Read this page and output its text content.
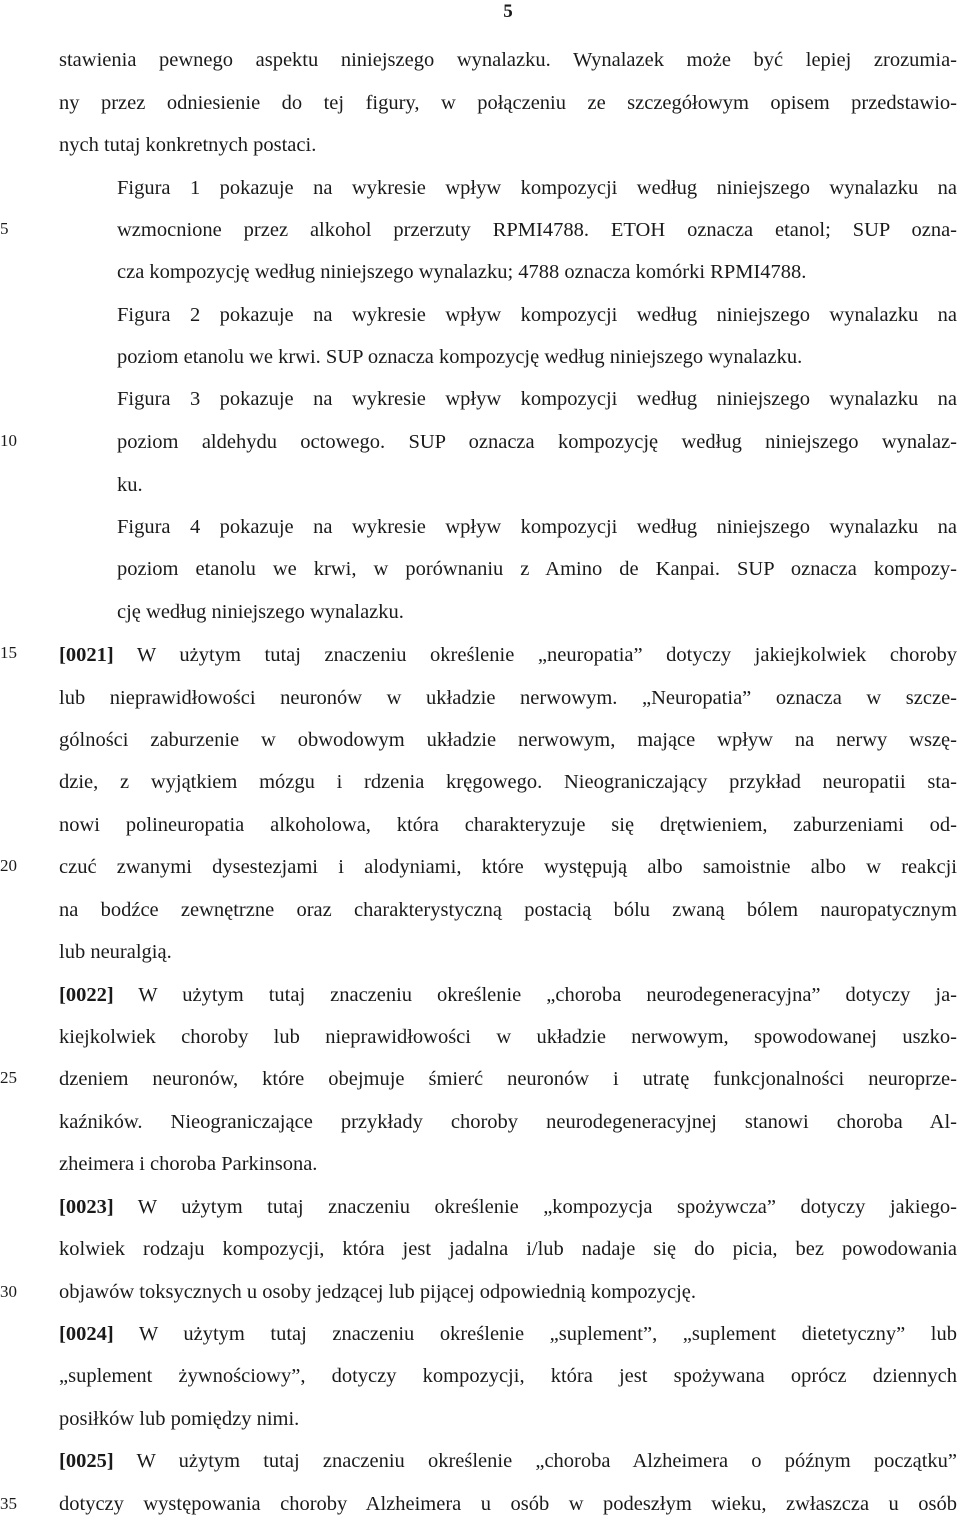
5
5
10
15
20
25
30
35
stawienia pewnego aspektu niniejszego wynalazku. Wynalazek może być lepiej zrozumia-
ny przez odniesienie do tej figury, w połączeniu ze szczegółowym opisem przedstawio-
nych tutaj konkretnych postaci.
Figura 1 pokazuje na wykresie wpływ kompozycji według niniejszego wynalazku na
wzmocnione przez alkohol przerzuty RPMI4788. ETOH oznacza etanol; SUP ozna-
cza kompozycję według niniejszego wynalazku; 4788 oznacza komórki RPMI4788.
Figura 2 pokazuje na wykresie wpływ kompozycji według niniejszego wynalazku na
poziom etanolu we krwi. SUP oznacza kompozycję według niniejszego wynalazku.
Figura 3 pokazuje na wykresie wpływ kompozycji według niniejszego wynalazku na
poziom aldehydu octowego. SUP oznacza kompozycję według niniejszego wynalaz-
ku.
Figura 4 pokazuje na wykresie wpływ kompozycji według niniejszego wynalazku na
poziom etanolu we krwi, w porównaniu z Amino de Kanpai. SUP oznacza kompozy-
cję według niniejszego wynalazku.
[0021] W użytym tutaj znaczeniu określenie „neuropatia” dotyczy jakiejkolwiek choroby
lub nieprawidłowości neuronów w układzie nerwowym. „Neuropatia” oznacza w szcze-
gólności zaburzenie w obwodowym układzie nerwowym, mające wpływ na nerwy wszę-
dzie, z wyjątkiem mózgu i rdzenia kręgowego. Nieograniczający przykład neuropatii sta-
nowi polineuropatia alkoholowa, która charakteryzuje się drętwieniem, zaburzeniami od-
czuć zwanymi dysestezjami i alodyniami, które występują albo samoistnie albo w reakcji
na bodźce zewnętrzne oraz charakterystyczną postacią bólu zwaną bólem nauropatycznym
lub neuralgią.
[0022] W użytym tutaj znaczeniu określenie „choroba neurodegeneracyjna” dotyczy ja-
kiejkolwiek choroby lub nieprawidłowości w układzie nerwowym, spowodowanej uszko-
dzeniem neuronów, które obejmuje śmierć neuronów i utratę funkcjonalności neuroprze-
kaźników. Nieograniczające przykłady choroby neurodegeneracyjnej stanowi choroba Al-
zheimera i choroba Parkinsona.
[0023] W użytym tutaj znaczeniu określenie „kompozycja spożywcza” dotyczy jakiego-
kolwiek rodzaju kompozycji, która jest jadalna i/lub nadaje się do picia, bez powodowania
objawów toksycznych u osoby jedzącej lub pijącej odpowiednią kompozycję.
[0024] W użytym tutaj znaczeniu określenie „suplement”, „suplement dietetyczny” lub
„suplement żywnościowy”, dotyczy kompozycji, która jest spożywana oprócz dziennych
posiłków lub pomiędzy nimi.
[0025] W użytym tutaj znaczeniu określenie „choroba Alzheimera o późnym początku”
dotyczy występowania choroby Alzheimera u osób w podeszłym wieku, zwłaszcza u osób
